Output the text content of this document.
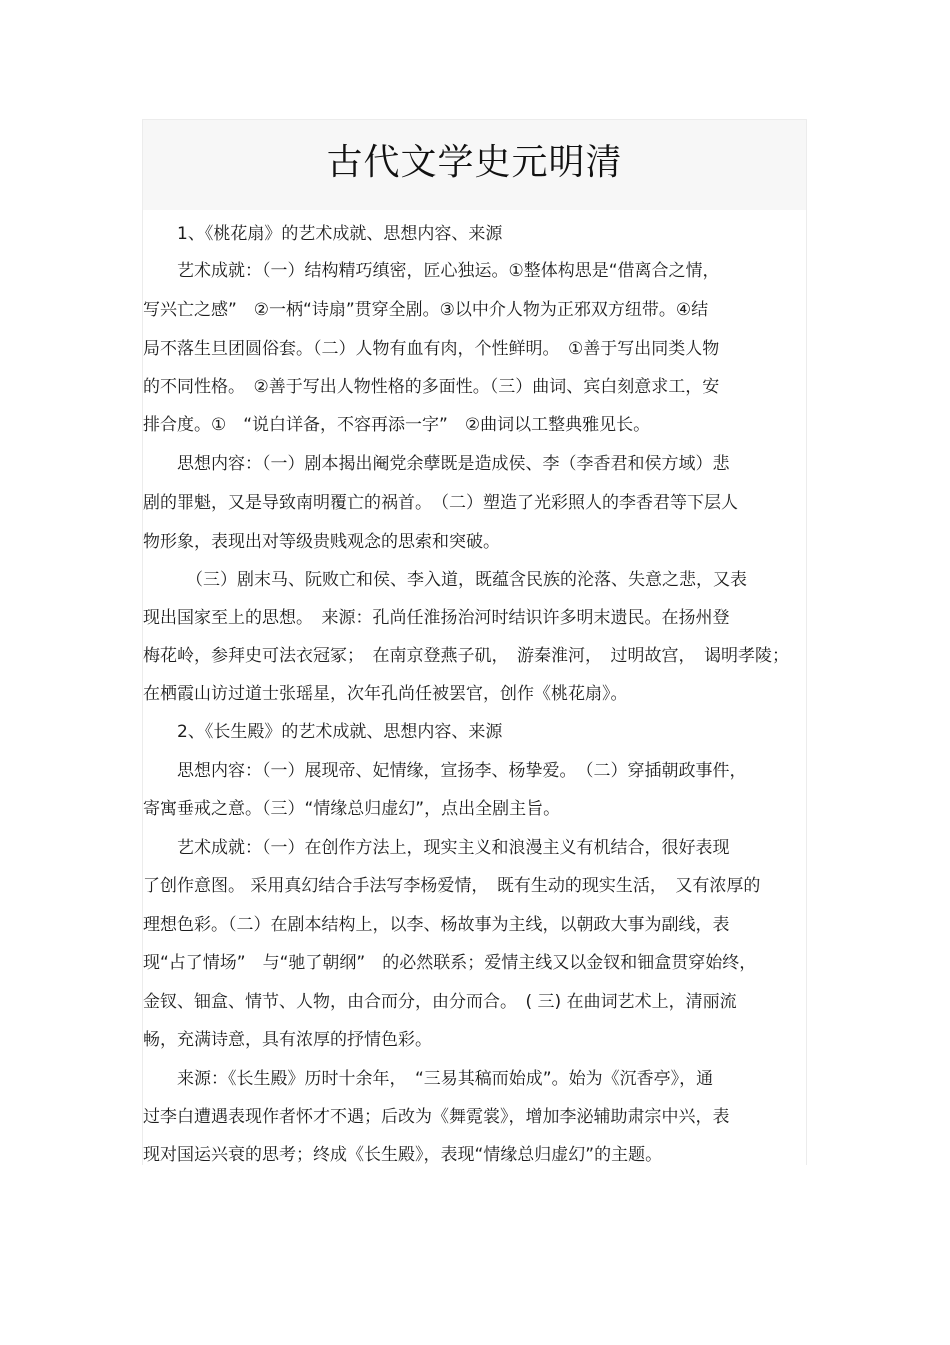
古代文学史元明清
1、《桃花扇》的艺术成就、思想内容、来源
艺术成就：（一）结构精巧缜密，匠心独运。①整体构思是“借离合之情，
写兴亡之感”　②一柄“诗扇”贯穿全剧。③以中介人物为正邪双方纽带。④结
局不落生旦团圆俗套。（二）人物有血有肉，个性鲜明。　①善于写出同类人物
的不同性格。　②善于写出人物性格的多面性。（三）曲词、宾白刻意求工，安
排合度。①　“说白详备，不容再添一字”　②曲词以工整典雅见长。
思想内容：（一）剧本揭出阉党余孽既是造成侯、李（李香君和侯方域）悲
剧的罪魁，又是导致南明覆亡的祸首。　（二）塑造了光彩照人的李香君等下层人
物形象，表现出对等级贵贱观念的思索和突破。
（三）剧末马、阮败亡和侯、李入道，既蕴含民族的沦落、失意之悲，又表
现出国家至上的思想。　来源：孔尚任淮扬治河时结识许多明末遗民。在扬州登
梅花岭，参拜史可法衣冠冢；　在南京登燕子矶，　游秦淮河，　过明故宫，　谒明孝陵；
在栖霞山访过道士张瑶星，次年孔尚任被罢官，创作《桃花扇》。
2、《长生殿》的艺术成就、思想内容、来源
思想内容：（一）展现帝、妃情缘，宣扬李、杨挚爱。　（二）穿插朝政事件，
寄寓垂戒之意。（三）“情缘总归虚幻”，点出全剧主旨。
艺术成就：（一）在创作方法上，现实主义和浪漫主义有机结合，很好表现
了创作意图。 采用真幻结合手法写李杨爱情，　既有生动的现实生活，　又有浓厚的
理想色彩。（二）在剧本结构上，以李、杨故事为主线，以朝政大事为副线，表
现“占了情场”　与“驰了朝纲”　的必然联系；爱情主线又以金钗和钿盒贯穿始终，
金钗、钿盒、情节、人物，由合而分，由分而合。　( 三) 在曲词艺术上，清丽流
畅，充满诗意，具有浓厚的抒情色彩。
来源：《长生殿》历时十余年，　“三易其稿而始成”。始为《沉香亭》，通
过李白遭遇表现作者怀才不遇；后改为《舞霓裳》，增加李泌辅助肃宗中兴，表
现对国运兴衰的思考；终成《长生殿》，表现“情缘总归虚幻”的主题。
